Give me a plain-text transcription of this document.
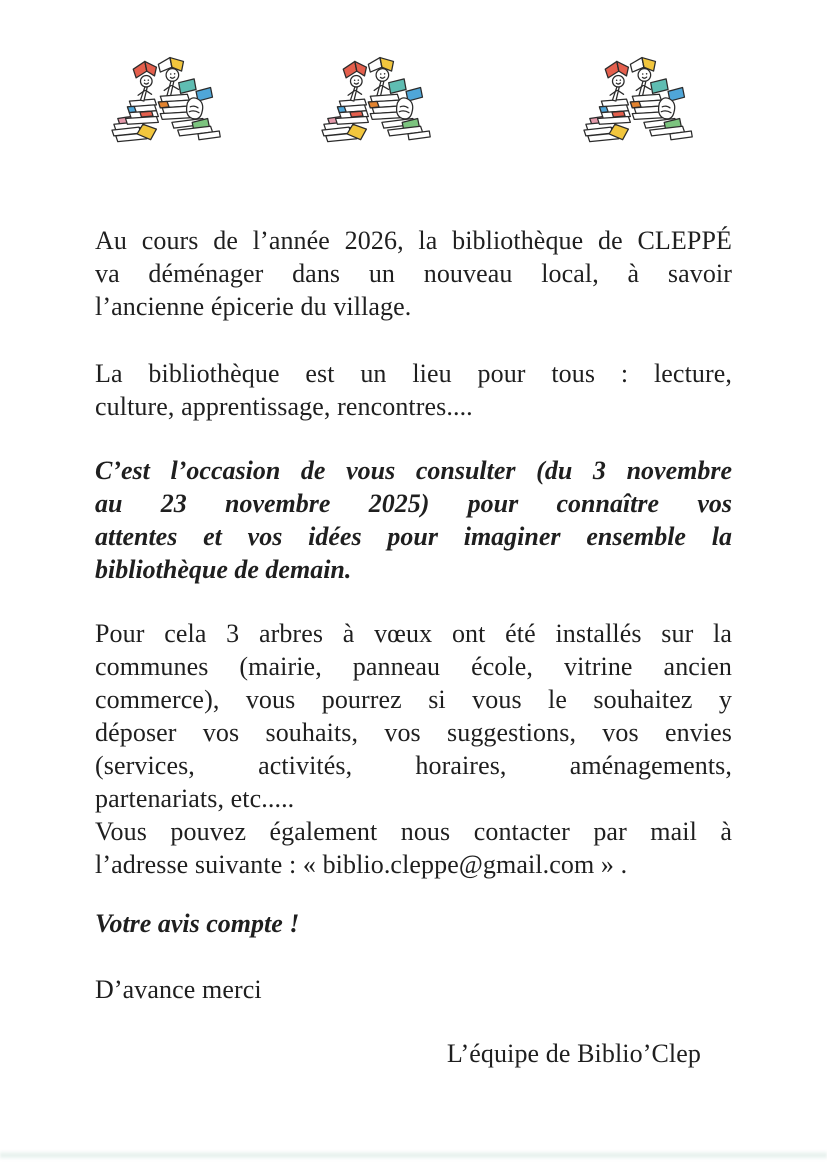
Au cours de l’année 2026, la bibliothèque de CLEPPÉ
va déménager dans un nouveau local, à savoir
l’ancienne épicerie du village.

La bibliothèque est un lieu pour tous : lecture,
culture, apprentissage, rencontres....

C’est l’occasion de vous consulter (du 3 novembre
au 23 novembre 2025) pour connaître vos
attentes et vos idées pour imaginer ensemble la
bibliothèque de demain.

Pour cela 3 arbres à vœux ont été installés sur la
communes (mairie, panneau école, vitrine ancien
commerce), vous pourrez si vous le souhaitez y
déposer vos souhaits, vos suggestions, vos envies
(services, activités, horaires, aménagements,
partenariats, etc.....

Vous pouvez également nous contacter par mail à
l’adresse suivante : « biblio.cleppe@gmail.com » .

Votre avis compte !

D’avance merci

L’équipe de Biblio’Clep
